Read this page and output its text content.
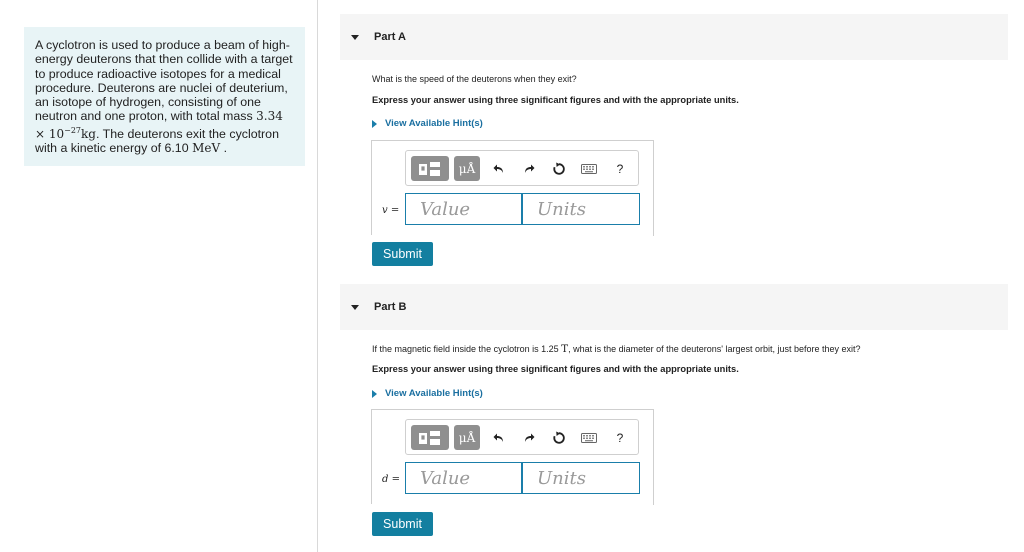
A cyclotron is used to produce a beam of high-energy deuterons that then collide with a target to produce radioactive isotopes for a medical procedure. Deuterons are nuclei of deuterium, an isotope of hydrogen, consisting of one neutron and one proton, with total mass $3.34 \times 10^{-27}kg$. The deuterons exit the cyclotron with a kinetic energy of 6.10 MeV .
Part A
What is the speed of the deuterons when they exit?
Express your answer using three significant figures and with the appropriate units.
View Available Hint(s)
μÅ	?
v =	Value	Units
Submit
Part B
If the magnetic field inside the cyclotron is 1.25 T, what is the diameter of the deuterons' largest orbit, just before they exit?
Express your answer using three significant figures and with the appropriate units.
View Available Hint(s)
μÅ	?
d =	Value	Units
Submit
